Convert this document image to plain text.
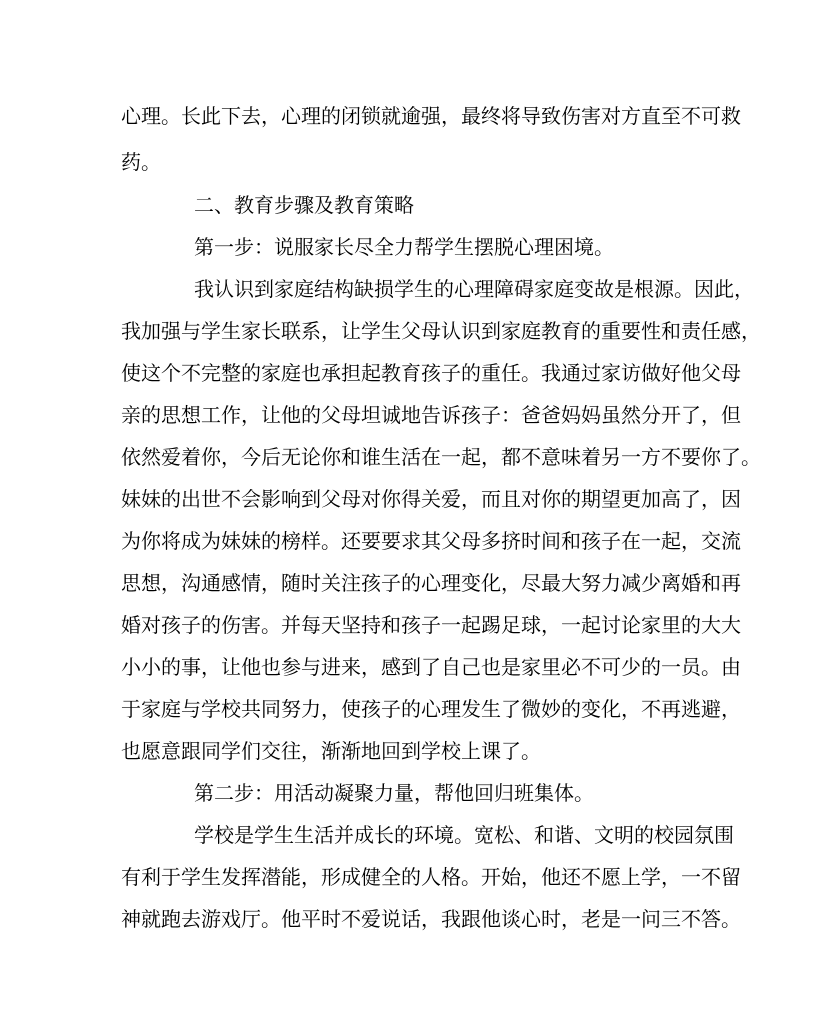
心理。长此下去，心理的闭锁就逾强，最终将导致伤害对方直至不可救

药。

二、教育步骤及教育策略

第一步：说服家长尽全力帮学生摆脱心理困境。

我认识到家庭结构缺损学生的心理障碍家庭变故是根源。因此，

我加强与学生家长联系，让学生父母认识到家庭教育的重要性和责任感，

使这个不完整的家庭也承担起教育孩子的重任。我通过家访做好他父母

亲的思想工作，让他的父母坦诚地告诉孩子：爸爸妈妈虽然分开了，但

依然爱着你，今后无论你和谁生活在一起，都不意味着另一方不要你了。

妹妹的出世不会影响到父母对你得关爱，而且对你的期望更加高了，因

为你将成为妹妹的榜样。还要要求其父母多挤时间和孩子在一起，交流

思想，沟通感情，随时关注孩子的心理变化，尽最大努力减少离婚和再

婚对孩子的伤害。并每天坚持和孩子一起踢足球，一起讨论家里的大大

小小的事，让他也参与进来，感到了自己也是家里必不可少的一员。由

于家庭与学校共同努力，使孩子的心理发生了微妙的变化，不再逃避，

也愿意跟同学们交往，渐渐地回到学校上课了。

第二步：用活动凝聚力量，帮他回归班集体。

学校是学生生活并成长的环境。宽松、和谐、文明的校园氛围

有利于学生发挥潜能，形成健全的人格。开始，他还不愿上学，一不留

神就跑去游戏厅。他平时不爱说话，我跟他谈心时，老是一问三不答。
